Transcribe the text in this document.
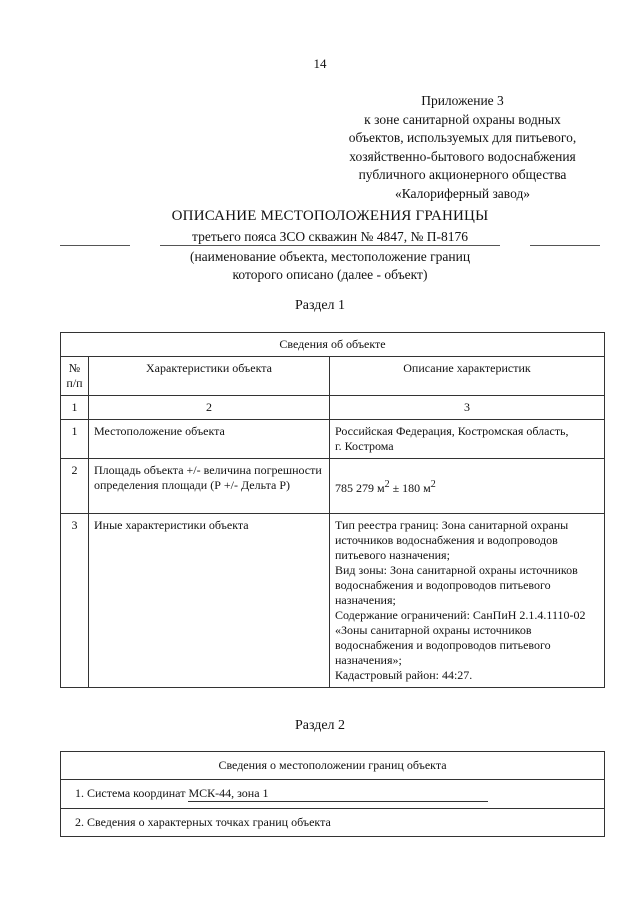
14
Приложение 3
к зоне санитарной охраны водных
объектов, используемых для питьевого,
хозяйственно-бытового водоснабжения
публичного акционерного общества
«Калориферный завод»
ОПИСАНИЕ МЕСТОПОЛОЖЕНИЯ ГРАНИЦЫ
третьего пояса ЗСО скважин № 4847, № П-8176
(наименование объекта, местоположение границ
которого описано (далее - объект)
Раздел 1
Сведения об объекте		
№ п/п	Характеристики объекта	Описание характеристик
1	2	3
1	Местоположение объекта	Российская Федерация, Костромская область,
г. Кострома

2	Площадь объекта +/- величина погрешности определения площади (Р +/- Дельта Р)	785 279 $м^2 \pm 180$ $м^2$
3	Иные характеристики объекта	Тип реестра границ: Зона санитарной охраны источников водоснабжения и водопроводов питьевого назначения;
Вид зоны: Зона санитарной охраны источников водоснабжения и водопроводов питьевого назначения;
Содержание ограничений: СанПиН 2.1.4.1110-02 «Зоны санитарной охраны источников водоснабжения и водопроводов питьевого назначения»;
Кадастровый район: 44:27.
Раздел 2
Сведения о местоположении границ объекта
1. Система координат МСК-44, зона 1
2. Сведения о характерных точках границ объекта
